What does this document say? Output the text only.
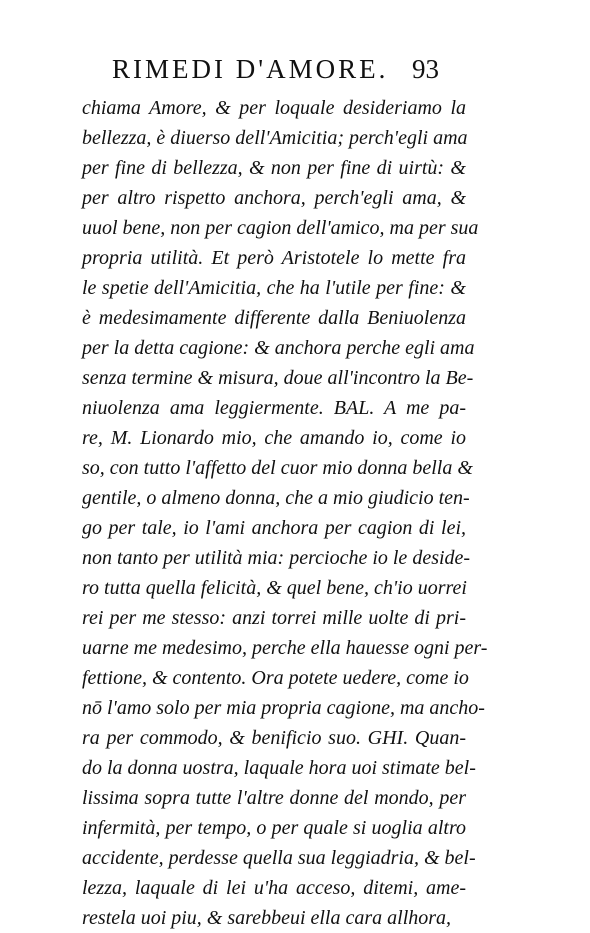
RIMEDI D'AMORE. 93
chiama Amore, & per loquale desideriamo la
bellezza, è diuerso dell'Amicitia; perch'egli ama
per fine di bellezza, & non per fine di uirtù: &
per altro rispetto anchora, perch'egli ama, &
uuol bene, non per cagion dell'amico, ma per sua
propria utilità. Et però Aristotele lo mette fra
le spetie dell'Amicitia, che ha l'utile per fine: &
è medesimamente differente dalla Beniuolenza
per la detta cagione: & anchora perche egli ama
senza termine & misura, doue all'incontro la Be-
niuolenza ama leggiermente. BAL. A me pa-
re, M. Lionardo mio, che amando io, come io
so, con tutto l'affetto del cuor mio donna bella &
gentile, o almeno donna, che a mio giudicio ten-
go per tale, io l'ami anchora per cagion di lei,
non tanto per utilità mia: percioche io le deside-
ro tutta quella felicità, & quel bene, ch'io uorrei
rei per me stesso: anzi torrei mille uolte di pri-
uarne me medesimo, perche ella hauesse ogni per-
fettione, & contento. Ora potete uedere, come io
nō l'amo solo per mia propria cagione, ma ancho-
ra per commodo, & benificio suo. GHI. Quan-
do la donna uostra, laquale hora uoi stimate bel-
lissima sopra tutte l'altre donne del mondo, per
infermità, per tempo, o per quale si uoglia altro
accidente, perdesse quella sua leggiadria, & bel-
lezza, laquale di lei u'ha acceso, ditemi, ame-
restela uoi piu, & sarebbeui ella cara allhora,
